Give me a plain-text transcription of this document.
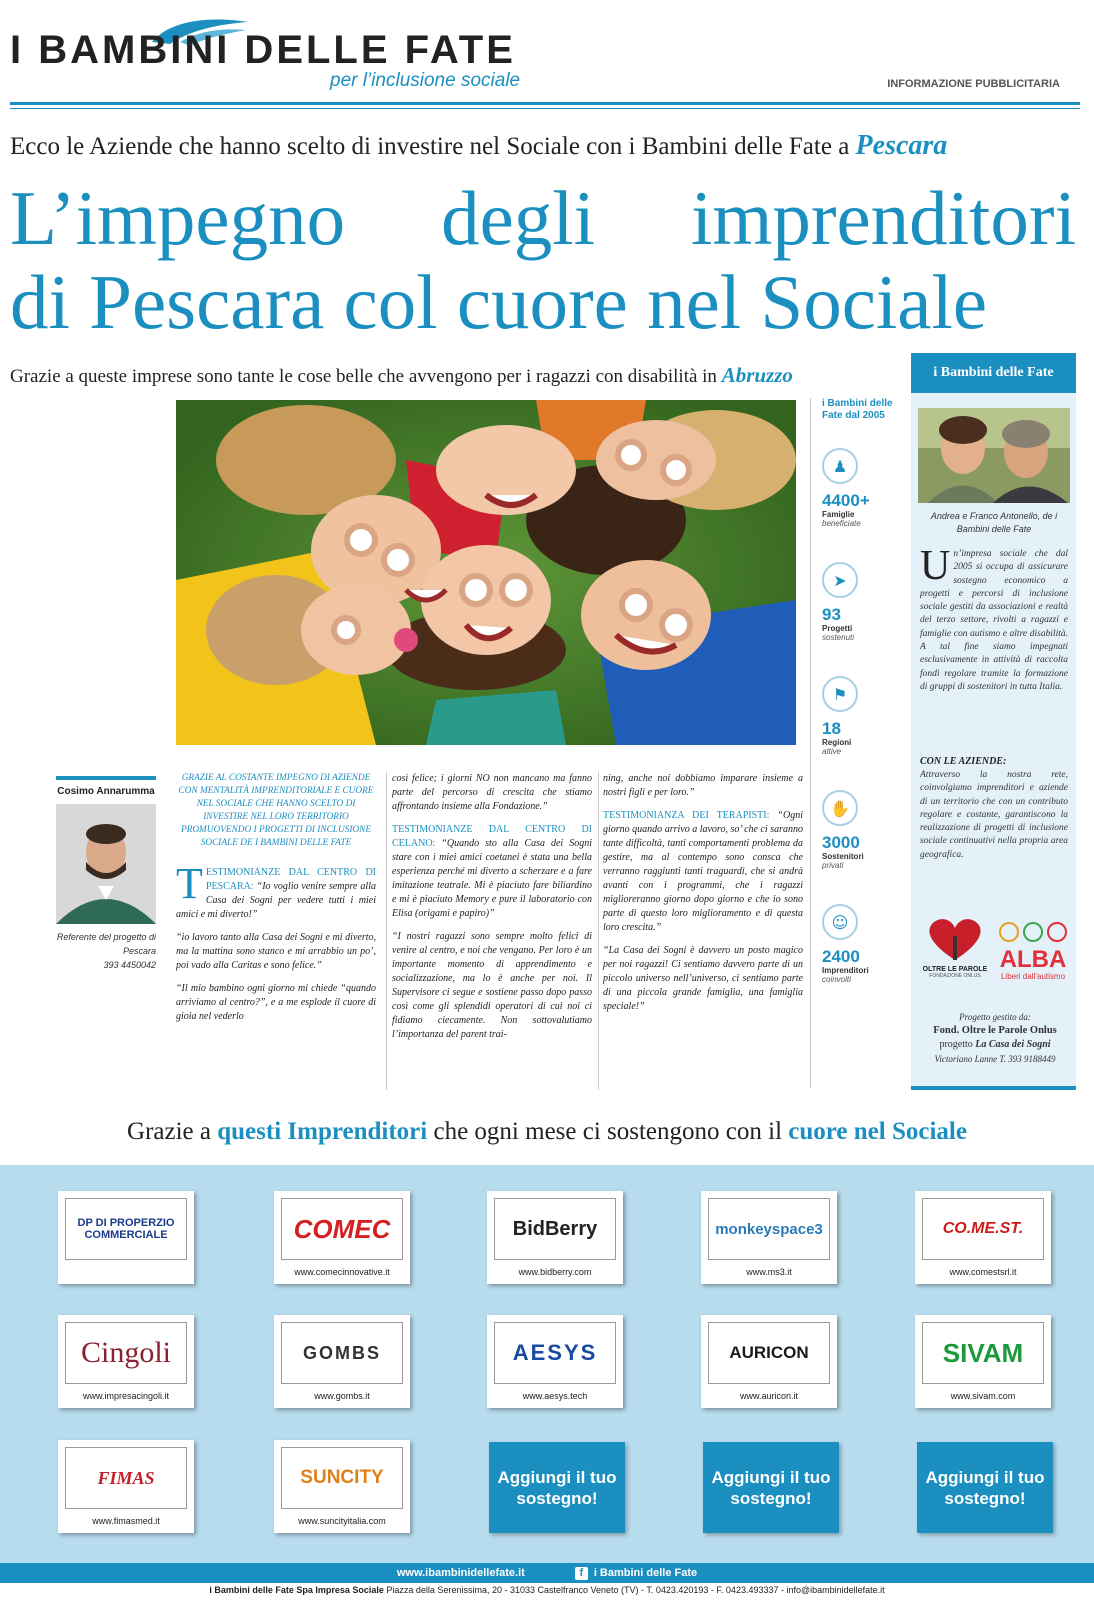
I BAMBINI DELLE FATE
per l’inclusione sociale	INFORMAZIONE PUBBLICITARIA
Ecco le Aziende che hanno scelto di investire nel Sociale con i Bambini delle Fate a Pescara
L’impegno degli imprenditori
di Pescara col cuore nel Sociale
Grazie a queste imprese sono tante le cose belle che avvengono per i ragazzi con disabilità in Abruzzo
i Bambini delle Fate dal 2005
♟
4400+
Famiglie
beneficiate
➤
93
Progetti
sostenuti
⚑
18
Regioni
attive
✋
3000
Sostenitori
privati
☺
2400
Imprenditori
coinvolti
i Bambini delle Fate
Andrea e Franco Antonello, de i Bambini delle Fate
Un’impresa sociale che dal 2005 si occupa di assicurare sostegno economico a progetti e percorsi di inclusione sociale gestiti da associazioni e realtà del terzo settore, rivolti a ragazzi e famiglie con autismo e altre disabilità. A tal fine siamo impegnati esclusivamente in attività di raccolta fondi regolare tramite la formazione di gruppi di sostenitori in tutta Italia.
CON LE AZIENDE:
Attraverso la nostra rete, coinvolgiamo imprenditori e aziende di un territorio che con un contributo regolare e costante, garantiscono la realizzazione di progetti di inclusione sociale continuativi nella propria area geografica.
OLTRE LE PAROLE
FONDAZIONE ONLUS
ALBA
Liberi dall’autismo
Progetto gestito da:
Fond. Oltre le Parole Onlus
progetto La Casa dei Sogni
Victoriano Lanne T. 393 9188449
Cosimo Annarumma
Referente del progetto di Pescara
393 4450042

GRAZIE AL COSTANTE IMPEGNO DI AZIENDE CON MENTALITÀ IMPRENDITORIALE E CUORE NEL SOCIALE CHE HANNO SCELTO DI INVESTIRE NEL LORO TERRITORIO PROMUOVENDO I PROGETTI DI INCLUSIONE SOCIALE DE I BAMBINI DELLE FATE

TESTIMONIANZE DAL CENTRO DI PESCARA: “Io voglio venire sempre alla Casa dei Sogni per vedere tutti i miei amici e mi diverto!”

“io lavoro tanto alla Casa dei Sogni e mi diverto, ma la mattina sono stanco e mi arrabbio un po’, poi vado alla Caritas e sono felice.”

“Il mio bambino ogni giorno mi chiede “quando arriviamo al centro?”, e a me esplode il cuore di gioia nel vederlo

così felice; i giorni NO non mancano ma fanno parte del percorso di crescita che stiamo affrontando insieme alla Fondazione.”

TESTIMONIANZE DAL CENTRO DI CELANO: “Quando sto alla Casa dei Sogni stare con i miei amici coetanei è stata una bella esperienza perché mi diverto a scherzare e a fare imitazione teatrale. Mi è piaciuto fare biliardino e mi è piaciuto Memory e pure il laboratorio con Elisa (origami e papiro)”

“I nostri ragazzi sono sempre molto felici di venire al centro, e noi che vengano. Per loro è un importante momento di apprendimento e socializzazione, ma lo è anche per noi. Il Supervisore ci segue e sostiene passo dopo passo così come gli splendidi operatori di cui noi ci fidiamo ciecamente. Non sottovalutiamo l’importanza del parent trai-

ning, anche noi dobbiamo imparare insieme a nostri figli e per loro.”

TESTIMONIANZA DEI TERAPISTI: “Ogni giorno quando arrivo a lavoro, so’ che ci saranno tante difficoltà, tanti comportamenti problema da gestire, ma al contempo sono consca che verranno raggiunti tanti traguardi, che si andrà avanti con i programmi, che i ragazzi miglioreranno giorno dopo giorno e che io sono parte di questo loro miglioramento e di questa loro crescita.”

“La Casa dei Sogni è davvero un posto magico per noi ragazzi! Ci sentiamo davvero parte di un piccolo universo nell’universo, ci sentiamo parte di una piccola grande famiglia, una famiglia speciale!”

Grazie a questi Imprenditori che ogni mese ci sostengono con il cuore nel Sociale
DP DI PROPERZIO COMMERCIALE	COMEC
www.comecinnovative.it
BidBerry
www.bidberry.com
monkeyspace3
www.ms3.it
CO.ME.ST.
www.comestsrl.it
Cingoli
www.impresacingoli.it
GOMBS
www.gombs.it
AESYS
www.aesys.tech
AURICON
www.auricon.it
SIVAM
www.sivam.com
FIMAS
www.fimasmed.it
SUNCITY
www.suncityitalia.com
Aggiungi il tuo sostegno!
Aggiungi il tuo sostegno!
Aggiungi il tuo sostegno!
www.ibambinidellefate.it	f i Bambini delle Fate
i Bambini delle Fate Spa Impresa Sociale Piazza della Serenissima, 20 - 31033 Castelfranco Veneto (TV) - T. 0423.420193 - F. 0423.493337 - info@ibambinidellefate.it
